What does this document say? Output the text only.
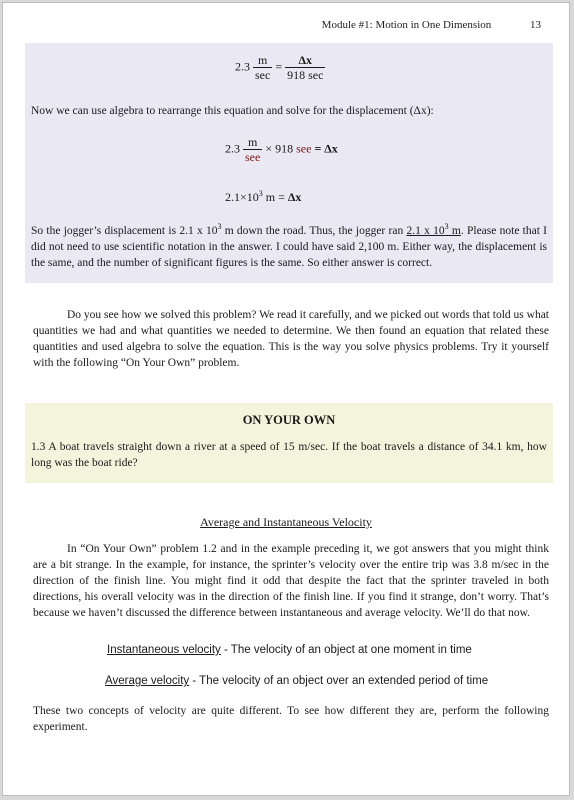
Module #1: Motion in One Dimension	13
$2.3 \frac{m}{\sec} = \frac{\Delta x}{918 \sec}$

Now we can use algebra to rearrange this equation and solve for the displacement (Δx):

$2.3 \frac{m}{\text{see}} \times 918$ see = Δx
$2.1\times 10^3$ m = Δx

So the jogger’s displacement is 2.1 x $10^3$ m down the road. Thus, the jogger ran 2.1 x $10^3$ m. Please note that I did not need to use scientific notation in the answer. I could have said 2,100 m. Either way, the displacement is the same, and the number of significant figures is the same. So either answer is correct.

Do you see how we solved this problem? We read it carefully, and we picked out words that told us what quantities we had and what quantities we needed to determine. We then found an equation that related these quantities and used algebra to solve the equation. This is the way you solve physics problems. Try it yourself with the following “On Your Own” problem.

ON YOUR OWN

1.3 A boat travels straight down a river at a speed of 15 m/sec. If the boat travels a distance of 34.1 km, how long was the boat ride?

Average and Instantaneous Velocity

In “On Your Own” problem 1.2 and in the example preceding it, we got answers that you might think are a bit strange. In the example, for instance, the sprinter’s velocity over the entire trip was 3.8 m/sec in the direction of the finish line. You might find it odd that despite the fact that the sprinter traveled in both directions, his overall velocity was in the direction of the finish line. If you find it strange, don’t worry. That’s because we haven’t discussed the difference between instantaneous and average velocity. We’ll do that now.

Instantaneous velocity - The velocity of an object at one moment in time
Average velocity - The velocity of an object over an extended period of time

These two concepts of velocity are quite different. To see how different they are, perform the following experiment.
